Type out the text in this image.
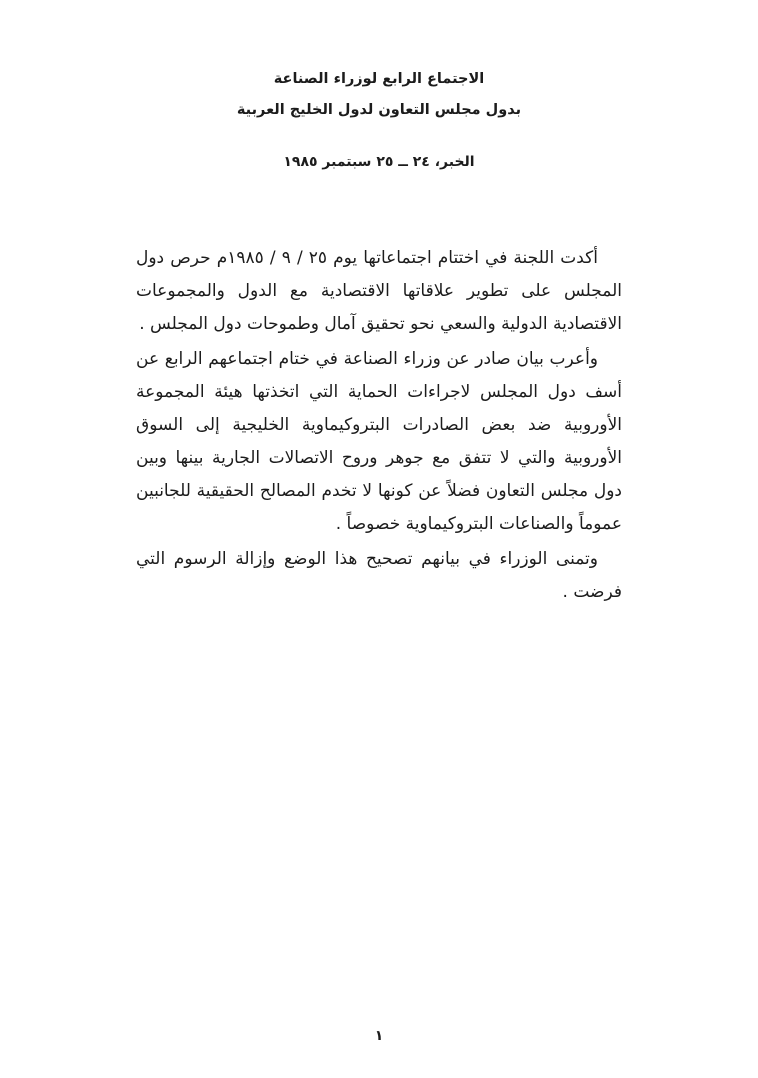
الاجتماع الرابع لوزراء الصناعة
بدول مجلس التعاون لدول الخليج العربية
الخبر، ٢٤ ــ ٢٥ سبتمبر ١٩٨٥

أكدت اللجنة في اختتام اجتماعاتها يوم ٢٥ / ٩ / ١٩٨٥م حرص دول المجلس على تطوير علاقاتها الاقتصادية مع الدول والمجموعات الاقتصادية الدولية والسعي نحو تحقيق آمال وطموحات دول المجلس .

وأعرب بيان صادر عن وزراء الصناعة في ختام اجتماعهم الرابع عن أسف دول المجلس لاجراءات الحماية التي اتخذتها هيئة المجموعة الأوروبية ضد بعض الصادرات البتروكيماوية الخليجية إلى السوق الأوروبية والتي لا تتفق مع جوهر وروح الاتصالات الجارية بينها وبين دول مجلس التعاون فضلاً عن كونها لا تخدم المصالح الحقيقية للجانبين عموماً والصناعات البتروكيماوية خصوصاً .

وتمنى الوزراء في بيانهم تصحيح هذا الوضع وإزالة الرسوم التي فرضت .

١
